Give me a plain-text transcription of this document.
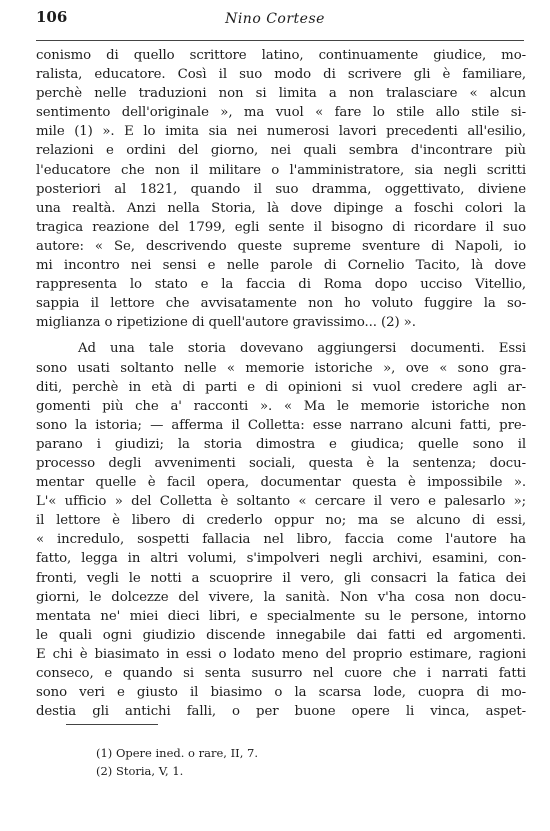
106	Nino Cortese
conismo di quello scrittore latino, continuamente giudice, mo-
ralista, educatore. Così il suo modo di scrivere gli è familiare,
perchè nelle traduzioni non si limita a non tralasciare « alcun
sentimento dell'originale », ma vuol « fare lo stile allo stile si-
mile (1) ». E lo imita sia nei numerosi lavori precedenti all'esilio,
relazioni e ordini del giorno, nei quali sembra d'incontrare più
l'educatore che non il militare o l'amministratore, sia negli scritti
posteriori al 1821, quando il suo dramma, oggettivato, diviene
una realtà. Anzi nella Storia, là dove dipinge a foschi colori la
tragica reazione del 1799, egli sente il bisogno di ricordare il suo
autore: « Se, descrivendo queste supreme sventure di Napoli, io
mi incontro nei sensi e nelle parole di Cornelio Tacito, là dove
rappresenta lo stato e la faccia di Roma dopo ucciso Vitellio,
sappia il lettore che avvisatamente non ho voluto fuggire la so-
miglianza o ripetizione di quell'autore gravissimo... (2) ».
Ad una tale storia dovevano aggiungersi documenti. Essi
sono usati soltanto nelle « memorie istoriche », ove « sono gra-
diti, perchè in età di parti e di opinioni si vuol credere agli ar-
gomenti più che a' racconti ». « Ma le memorie istoriche non
sono la istoria; — afferma il Colletta: esse narrano alcuni fatti, pre-
parano i giudizi; la storia dimostra e giudica; quelle sono il
processo degli avvenimenti sociali, questa è la sentenza; docu-
mentar quelle è facil opera, documentar questa è impossibile ».
L'« ufficio » del Colletta è soltanto « cercare il vero e palesarlo »;
il lettore è libero di crederlo oppur no; ma se alcuno di essi,
« incredulo, sospetti fallacia nel libro, faccia come l'autore ha
fatto, legga in altri volumi, s'impolveri negli archivi, esamini, con-
fronti, vegli le notti a scuoprire il vero, gli consacri la fatica dei
giorni, le dolcezze del vivere, la sanità. Non v'ha cosa non docu-
mentata ne' miei dieci libri, e specialmente su le persone, intorno
le quali ogni giudizio discende innegabile dai fatti ed argomenti.
E chi è biasimato in essi o lodato meno del proprio estimare, ragioni
conseco, e quando si senta susurro nel cuore che i narrati fatti
sono veri e giusto il biasimo o la scarsa lode, cuopra di mo-
destia gli antichi falli, o per buone opere li vinca, aspet-
(1) Opere ined. o rare, II, 7.
(2) Storia, V, 1.
